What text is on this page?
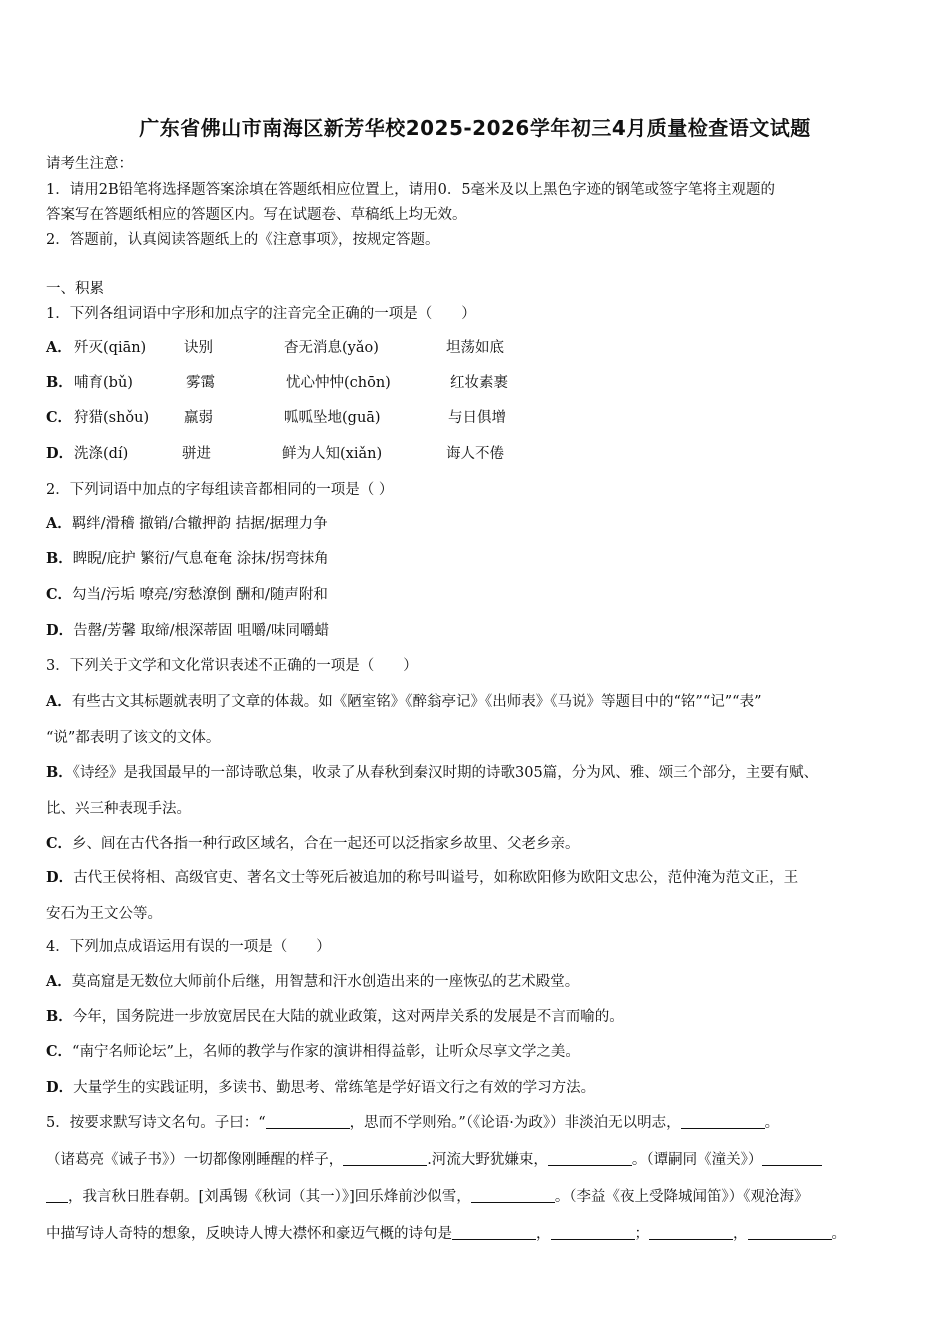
广东省佛山市南海区新芳华校2025-2026学年初三4月质量检查语文试题
请考生注意：
1．请用2B铅笔将选择题答案涂填在答题纸相应位置上，请用0．5毫米及以上黑色字迹的钢笔或签字笔将主观题的
答案写在答题纸相应的答题区内。写在试题卷、草稿纸上均无效。
2．答题前，认真阅读答题纸上的《注意事项》，按规定答题。
一、积累
1．下列各组词语中字形和加点字的注音完全正确的一项是（　　）
A． 歼灭(qiān)	诀别	杳无消息(yǎo)	坦荡如底
B． 哺育(bǔ)	雾霭	忧心忡忡(chōn)	红妆素裹
C． 狩猎(shǒu) 羸弱	呱呱坠地(guā)	与日俱增
D． 洗涤(dí)	骈进	鲜为人知(xiǎn)	诲人不倦
2．下列词语中加点的字每组读音都相同的一项是（ ）
A．羁绊/滑稽 撤销/合辙押韵 拮据/据理力争
B．睥睨/庇护 繁衍/气息奄奄 涂抹/拐弯抹角
C．勾当/污垢 嘹亮/穷愁潦倒 酬和/随声附和
D．告罄/芳馨 取缔/根深蒂固 咀嚼/味同嚼蜡
3．下列关于文学和文化常识表述不正确的一项是（　　）
A．有些古文其标题就表明了文章的体裁。如《陋室铭》《醉翁亭记》《出师表》《马说》等题目中的“铭”“记”“表”
“说”都表明了该文的文体。
B．《诗经》是我国最早的一部诗歌总集，收录了从春秋到秦汉时期的诗歌305篇，分为风、雅、颂三个部分，主要有赋、
比、兴三种表现手法。
C．乡、闾在古代各指一种行政区域名，合在一起还可以泛指家乡故里、父老乡亲。
D．古代王侯将相、高级官吏、著名文士等死后被追加的称号叫谥号，如称欧阳修为欧阳文忠公，范仲淹为范文正，王
安石为王文公等。
4．下列加点成语运用有误的一项是（　　）
A．莫高窟是无数位大师前仆后继，用智慧和汗水创造出来的一座恢弘的艺术殿堂。
B．今年，国务院进一步放宽居民在大陆的就业政策，这对两岸关系的发展是不言而喻的。
C．“南宁名师论坛”上，名师的教学与作家的演讲相得益彰，让听众尽享文学之美。
D．大量学生的实践证明，多读书、勤思考、常练笔是学好语文行之有效的学习方法。
5．按要求默写诗文名句。子曰：“	，思而不学则殆。”（《论语·为政》）非淡泊无以明志，	。
（诸葛亮《诫子书》）一切都像刚睡醒的样子，	.河流大野犹嫌束，	。（谭嗣同《潼关》）
，我言秋日胜春朝。[刘禹锡《秋词（其一）》]回乐烽前沙似雪，	。（李益《夜上受降城闻笛》）《观沧海》
中描写诗人奇特的想象，反映诗人博大襟怀和豪迈气概的诗句是	，	；	，	。
